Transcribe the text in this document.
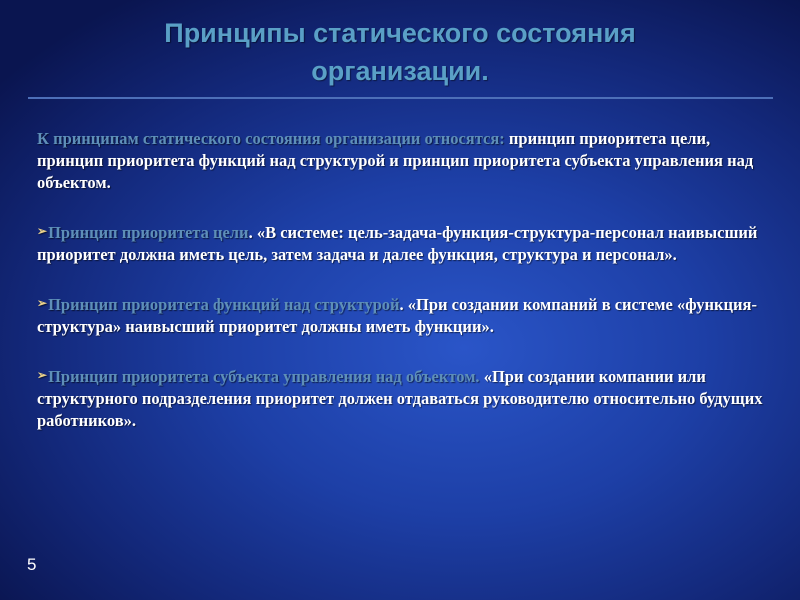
Принципы статического состояния
организации.

К принципам статического состояния организации относятся: принцип приоритета цели, принцип приоритета функций над структурой и принцип приоритета субъекта управления над объектом.

➢Принцип приоритета цели. «В системе: цель-задача-функция-структура-персонал наивысший приоритет должна иметь цель, затем задача и далее функция, структура и персонал».

➢Принцип приоритета функций над структурой. «При создании компаний в системе «функция-структура» наивысший приоритет должны иметь функции».

➢Принцип приоритета субъекта управления над объектом. «При создании компании или структурного подразделения приоритет должен отдаваться руководителю относительно будущих работников».

5
